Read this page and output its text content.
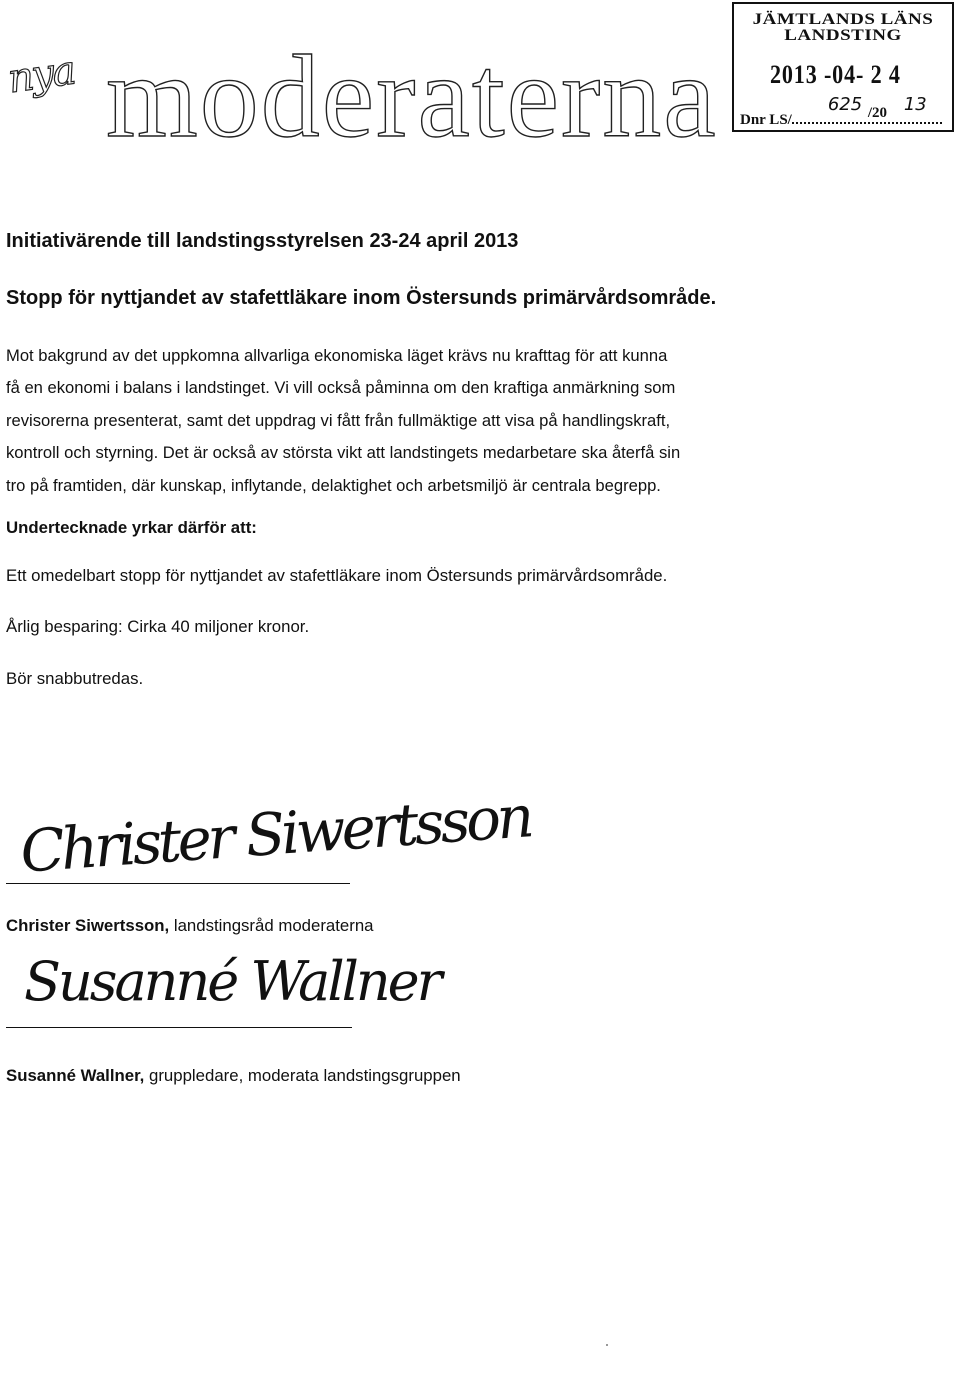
nya moderaterna
JÄMTLANDS LÄNS
LANDSTING
2013 -04- 2 4
Dnr LS/
625 /20 13
Initiativärende till landstingsstyrelsen 23-24 april 2013
Stopp för nyttjandet av stafettläkare inom Östersunds primärvårdsområde.

Mot bakgrund av det uppkomna allvarliga ekonomiska läget krävs nu krafttag för att kunna

få en ekonomi i balans i landstinget. Vi vill också påminna om den kraftiga anmärkning som

revisorerna presenterat, samt det uppdrag vi fått från fullmäktige att visa på handlingskraft,

kontroll och styrning. Det är också av största vikt att landstingets medarbetare ska återfå sin

tro på framtiden, där kunskap, inflytande, delaktighet och arbetsmiljö är centrala begrepp.

Undertecknade yrkar därför att:
Ett omedelbart stopp för nyttjandet av stafettläkare inom Östersunds primärvårdsområde.
Årlig besparing: Cirka 40 miljoner kronor.
Bör snabbutredas.
Christer Siwertsson
Christer Siwertsson, landstingsråd moderaterna
Susanné Wallner
Susanné Wallner, gruppledare, moderata landstingsgruppen
